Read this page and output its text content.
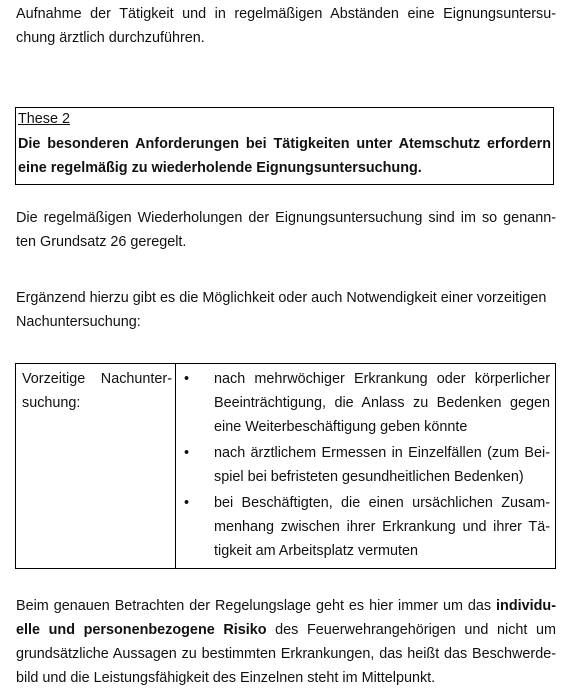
Aufnahme der Tätigkeit und in regelmäßigen Abständen eine Eignungsuntersu-
chung ärztlich durchzuführen.
These 2
Die besonderen Anforderungen bei Tätigkeiten unter Atemschutz erfordern
eine regelmäßig zu wiederholende Eignungsuntersuchung.
Die regelmäßigen Wiederholungen der Eignungsuntersuchung sind im so genann-
ten Grundsatz 26 geregelt.
Ergänzend hierzu gibt es die Möglichkeit oder auch Notwendigkeit einer vorzeitigen
Nachuntersuchung:
Vorzeitige Nachunter-
suchung:
• nach mehrwöchiger Erkrankung oder körperlicher
Beeinträchtigung, die Anlass zu Bedenken gegen
eine Weiterbeschäftigung geben könnte
• nach ärztlichem Ermessen in Einzelfällen (zum Bei-
spiel bei befristeten gesundheitlichen Bedenken)
• bei Beschäftigten, die einen ursächlichen Zusam-
menhang zwischen ihrer Erkrankung und ihrer Tä-
tigkeit am Arbeitsplatz vermuten
Beim genauen Betrachten der Regelungslage geht es hier immer um das individu-
elle und personenbezogene Risiko des Feuerwehrangehörigen und nicht um
grundsätzliche Aussagen zu bestimmten Erkrankungen, das heißt das Beschwerde-
bild und die Leistungsfähigkeit des Einzelnen steht im Mittelpunkt.
